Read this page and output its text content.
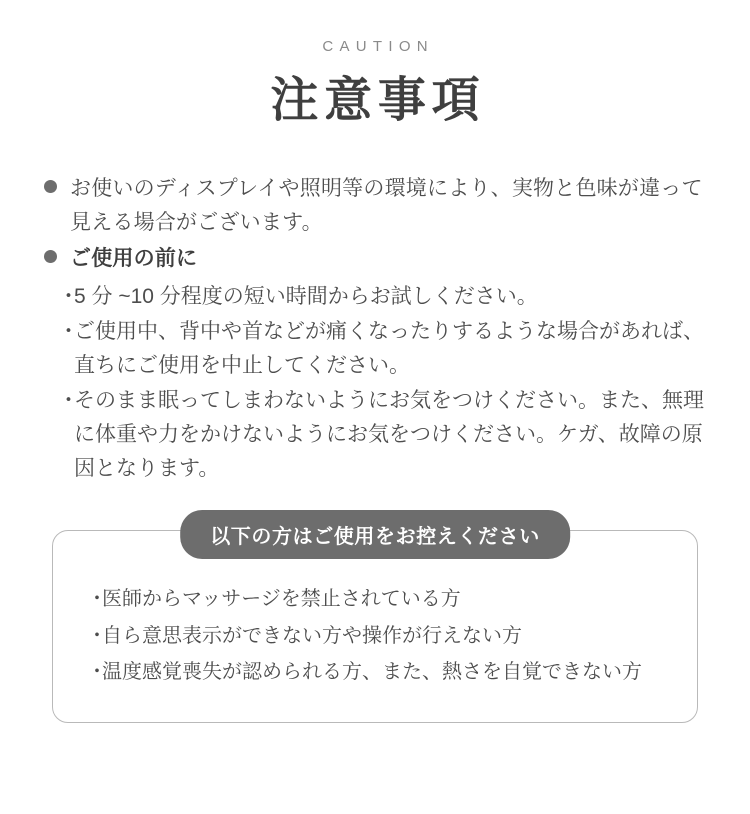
CAUTION
注意事項
お使いのディスプレイや照明等の環境により、実物と色味が違って見える場合がございます。
ご使用の前に
・
5 分 ~10 分程度の短い時間からお試しください。
・
ご使用中、背中や首などが痛くなったりするような場合があれば、直ちにご使用を中止してください。
・
そのまま眠ってしまわないようにお気をつけください。また、無理に体重や力をかけないようにお気をつけください。ケガ、故障の原因となります。
以下の方はご使用をお控えください
・
医師からマッサージを禁止されている方
・
自ら意思表示ができない方や操作が行えない方
・
温度感覚喪失が認められる方、また、熱さを自覚できない方
